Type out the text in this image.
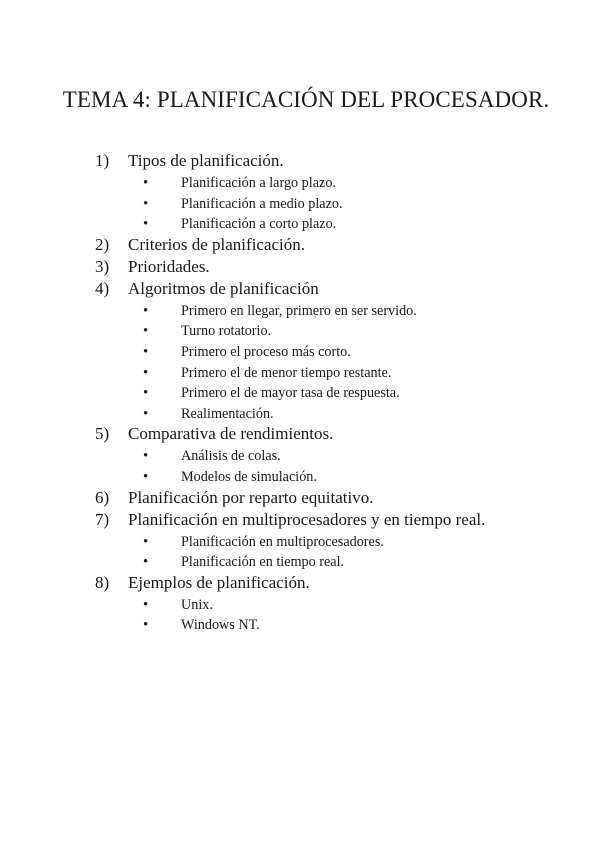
TEMA 4: PLANIFICACIÓN DEL PROCESADOR.
1) Tipos de planificación.
• Planificación a largo plazo.
• Planificación a medio plazo.
• Planificación a corto plazo.
2) Criterios de planificación.
3) Prioridades.
4) Algoritmos de planificación
• Primero en llegar, primero en ser servido.
• Turno rotatorio.
• Primero el proceso más corto.
• Primero el de menor tiempo restante.
• Primero el de mayor tasa de respuesta.
• Realimentación.
5) Comparativa de rendimientos.
• Análisis de colas.
• Modelos de simulación.
6) Planificación por reparto equitativo.
7) Planificación en multiprocesadores y en tiempo real.
• Planificación en multiprocesadores.
• Planificación en tiempo real.
8) Ejemplos de planificación.
• Unix.
• Windows NT.
